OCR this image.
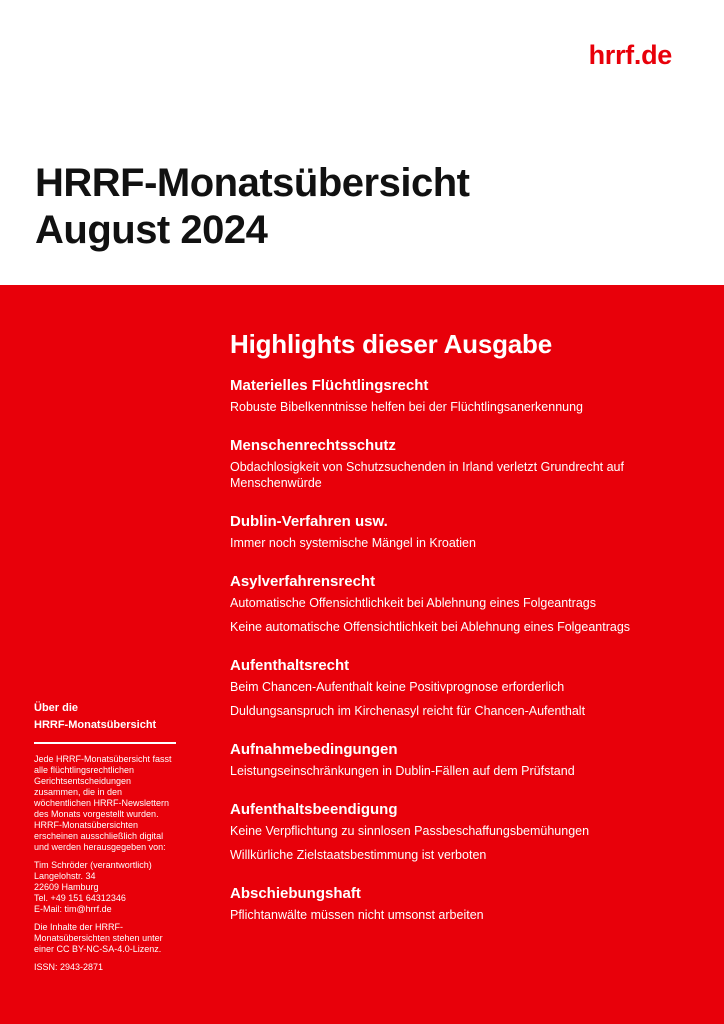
hrrf.de
HRRF-Monatsübersicht
August 2024
Highlights dieser Ausgabe
Materielles Flüchtlingsrecht
Robuste Bibelkenntnisse helfen bei der Flüchtlingsanerkennung
Menschenrechtsschutz
Obdachlosigkeit von Schutzsuchenden in Irland verletzt Grundrecht auf Menschenwürde
Dublin-Verfahren usw.
Immer noch systemische Mängel in Kroatien
Asylverfahrensrecht
Automatische Offensichtlichkeit bei Ablehnung eines Folgeantrags
Keine automatische Offensichtlichkeit bei Ablehnung eines Folgeantrags
Aufenthaltsrecht
Beim Chancen-Aufenthalt keine Positivprognose erforderlich
Duldungsanspruch im Kirchenasyl reicht für Chancen-Aufenthalt
Aufnahmebedingungen
Leistungseinschränkungen in Dublin-Fällen auf dem Prüfstand
Aufenthaltsbeendigung
Keine Verpflichtung zu sinnlosen Passbeschaffungsbemühungen
Willkürliche Zielstaatsbestimmung ist verboten
Abschiebungshaft
Pflichtanwälte müssen nicht umsonst arbeiten
Über die
HRRF-Monatsübersicht

Jede HRRF-Monatsübersicht fasst alle flüchtlingsrechtlichen Gerichtsentscheidungen zusammen, die in den wöchentlichen HRRF-Newslettern des Monats vorgestellt wurden. HRRF-Monatsübersichten erscheinen ausschließlich digital und werden herausgegeben von:

Tim Schröder (verantwortlich)
Langelohstr. 34
22609 Hamburg
Tel. +49 151 64312346
E-Mail: tim@hrrf.de

Die Inhalte der HRRF-Monatsübersichten stehen unter einer CC BY-NC-SA-4.0-Lizenz.

ISSN: 2943-2871
